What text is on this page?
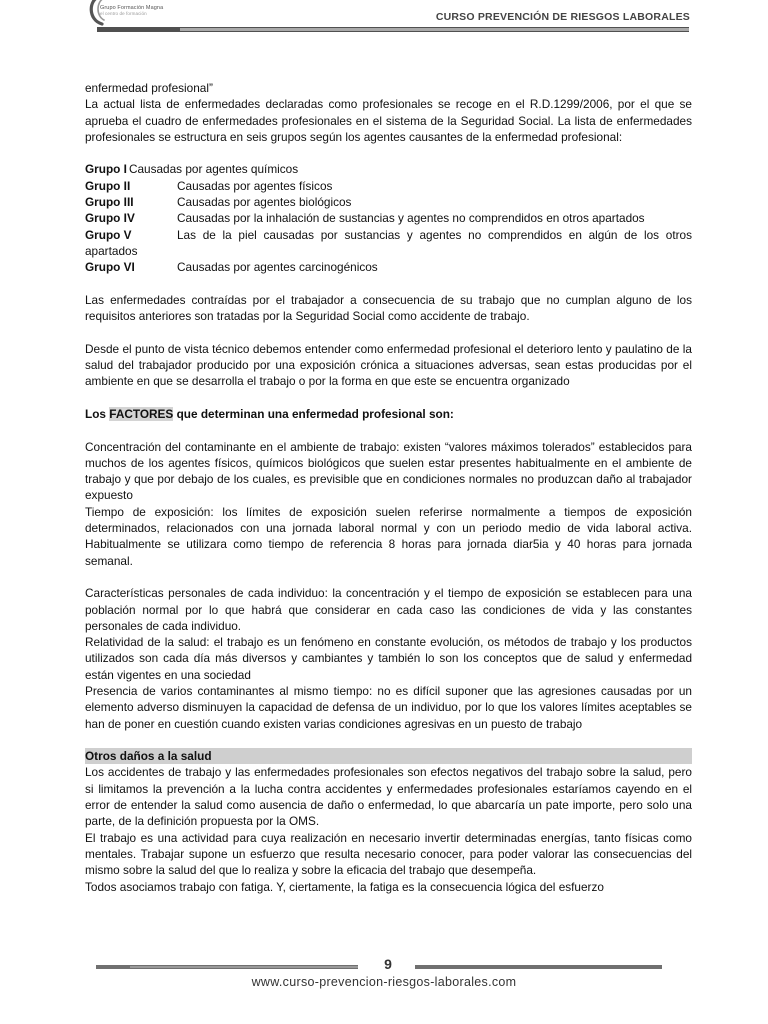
Grupo Formación Magna
el centro de formación	CURSO PREVENCIÓN DE RIESGOS LABORALES

enfermedad profesional”

La actual lista de enfermedades declaradas como profesionales se recoge en el R.D.1299/2006, por el que se aprueba el cuadro de enfermedades profesionales en el sistema de la Seguridad Social. La lista de enfermedades profesionales se estructura en seis grupos según los agentes causantes de la enfermedad profesional:

Grupo I Causadas por agentes químicos
Grupo II	Causadas por agentes físicos
Grupo III	Causadas por agentes biológicos
Grupo IV	Causadas por la inhalación de sustancias y agentes no comprendidos en otros apartados

Grupo V	Las de la piel causadas por sustancias y agentes no comprendidos en algún de los otros apartados

Grupo VI	Causadas por agentes carcinogénicos

Las enfermedades contraídas por el trabajador a consecuencia de su trabajo que no cumplan alguno de los requisitos anteriores son tratadas por la Seguridad Social como accidente de trabajo.

Desde el punto de vista técnico debemos entender como enfermedad profesional el deterioro lento y paulatino de la salud del trabajador producido por una exposición crónica a situaciones adversas, sean estas producidas por el ambiente en que se desarrolla el trabajo o por la forma en que este se encuentra organizado

Los FACTORES que determinan una enfermedad profesional son:

Concentración del contaminante en el ambiente de trabajo: existen “valores máximos tolerados” establecidos para muchos de los agentes físicos, químicos biológicos que suelen estar presentes habitualmente en el ambiente de trabajo y que por debajo de los cuales, es previsible que en condiciones normales no produzcan daño al trabajador expuesto

Tiempo de exposición: los límites de exposición suelen referirse normalmente a tiempos de exposición determinados, relacionados con una jornada laboral normal y con un periodo medio de vida laboral activa. Habitualmente se utilizara como tiempo de referencia 8 horas para jornada diar5ia y 40 horas para jornada semanal.

Características personales de cada individuo: la concentración y el tiempo de exposición se establecen para una población normal por lo que habrá que considerar en cada caso las condiciones de vida y las constantes personales de cada individuo.

Relatividad de la salud: el trabajo es un fenómeno en constante evolución, os métodos de trabajo y los productos utilizados son cada día más diversos y cambiantes y también lo son los conceptos que de salud y enfermedad están vigentes en una sociedad

Presencia de varios contaminantes al mismo tiempo: no es difícil suponer que las agresiones causadas por un elemento adverso disminuyen la capacidad de defensa de un individuo, por lo que los valores límites aceptables se han de poner en cuestión cuando existen varias condiciones agresivas en un puesto de trabajo

Otros daños a la salud

Los accidentes de trabajo y las enfermedades profesionales son efectos negativos del trabajo sobre la salud, pero si limitamos la prevención a la lucha contra accidentes y enfermedades profesionales estaríamos cayendo en el error de entender la salud como ausencia de daño o enfermedad, lo que abarcaría un pate importe, pero solo una parte, de la definición propuesta por la OMS.

El trabajo es una actividad para cuya realización en necesario invertir determinadas energías, tanto físicas como mentales. Trabajar supone un esfuerzo que resulta necesario conocer, para poder valorar las consecuencias del mismo sobre la salud del que lo realiza y sobre la eficacia del trabajo que desempeña.

Todos asociamos trabajo con fatiga. Y, ciertamente, la fatiga es la consecuencia lógica del esfuerzo

9
www.curso-prevencion-riesgos-laborales.com
